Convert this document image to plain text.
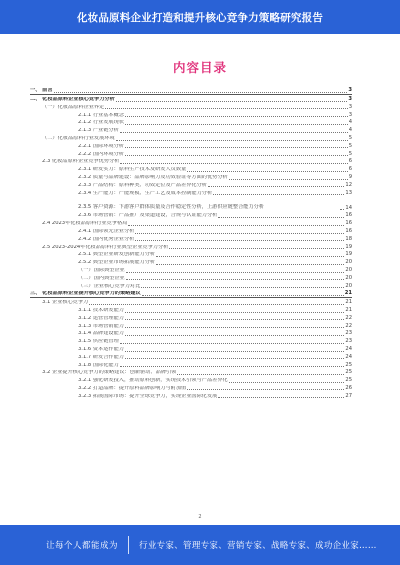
化妆品原料企业打造和提升核心竞争力策略研究报告
内容目录
一、 前言	3
二、 化妆品原料企业核心竞争力分析	3
（一）化妆品原料企业界定	3
2.1.1 行业基本概念	3
2.1.2 行业发展现状	4
2.1.3 产业链分析	4
（二）化妆品原料行业发展环境	5
2.2.1 国际环境分析	5
2.2.2 国内环境分析	5
2.3 化妆品原料企业竞争优势分析	6
2.3.1 研发实力：原料生产技术及研发人员数量	6
2.3.2 质量与品牌建设：品牌影响力及功效验证等方面的优势分析	9
2.3.3 产品结构：原料种类、功效定位及产品差异化分析	12
2.3.4 生产能力：产能规模、生产工艺及成本控制能力分析	13
2.3.5 客户资源：下游客户群体质量及合作稳定性分析，上游供应链整合能力分析	14
2.3.6 市场营销：产品推广及渠道建设，合规与认证能力分析	16
2.4 2023年化妆品原料行业竞争格局	16
2.4.1 国际领先企业分析	16
2.4.2 国内优秀企业分析	18
2.5 2023-2024年化妆品原料行业典型企业竞争力分析	19
2.5.1 典型企业研发创新能力分析	19
2.5.2 典型企业市场拓展能力分析	20
（一）国际典型企业	20
（二）国内典型企业	20
（三）企业核心竞争力对比	20
三、 化妆品原料企业提升核心竞争力的策略建议	21
3.1 企业核心竞争力	21
3.1.1 技术研发能力	21
3.1.2 运营管理能力	22
3.1.3 市场营销能力	22
3.1.4 品牌建设能力	23
3.1.5 供应链管理	23
3.1.6 资本运作能力	24
3.1.7 研发合作能力	24
3.1.8 国际化能力	25
3.2 企业提升核心竞争力的策略建议：创新驱动、品牌引领	25
3.2.1 强化研发投入，推动原料创新，实现技术引领与产品差异化	25
3.2.2 打造品牌：提升原料品牌影响力与附加值	26
3.2.3 拓展国际市场：提升全球竞争力，实现企业国际化发展	27
2
让每个人都能成为 行业专家、管理专家、营销专家、战略专家、成功企业家……
